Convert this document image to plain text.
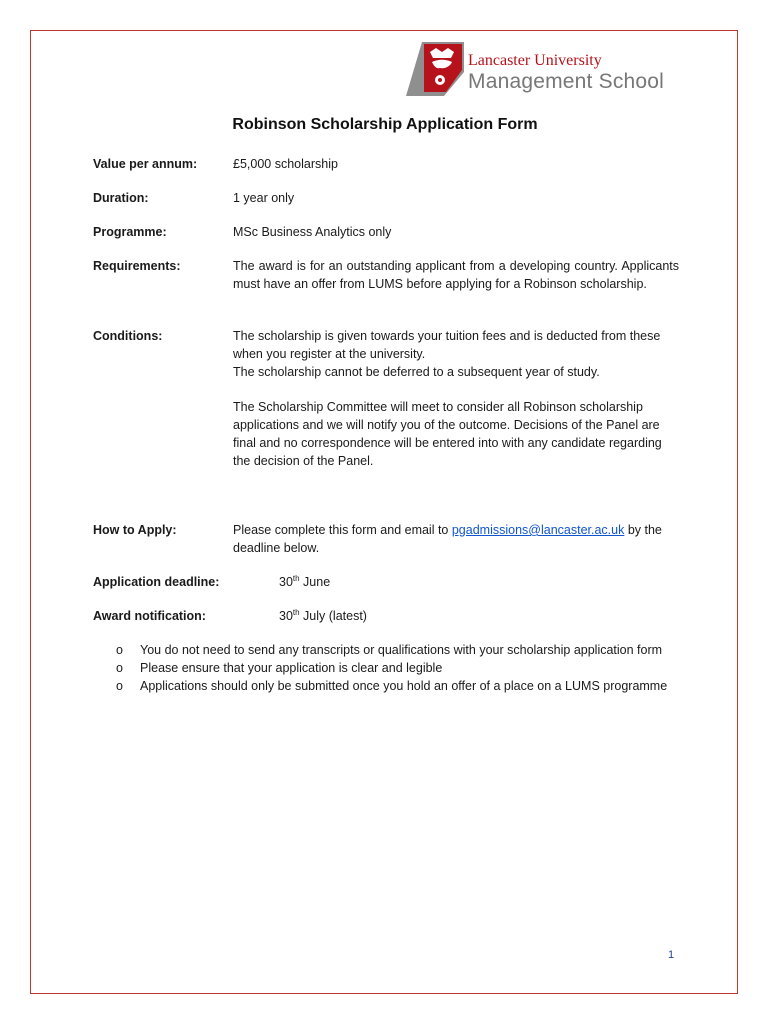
Lancaster University
Management School
Robinson Scholarship Application Form
Value per annum:	£5,000 scholarship
Duration:	1 year only
Programme:	MSc Business Analytics only
Requirements:	The award is for an outstanding applicant from a developing country. Applicants must have an offer from LUMS before applying for a Robinson scholarship.
Conditions:	The scholarship is given towards your tuition fees and is deducted from these when you register at the university.

The scholarship cannot be deferred to a subsequent year of study.

The Scholarship Committee will meet to consider all Robinson scholarship applications and we will notify you of the outcome. Decisions of the Panel are final and no correspondence will be entered into with any candidate regarding the decision of the Panel.

How to Apply:	Please complete this form and email to pgadmissions@lancaster.ac.uk by the deadline below.
Application deadline:	30th June
Award notification:	30th July (latest)
o You do not need to send any transcripts or qualifications with your scholarship application form
o Please ensure that your application is clear and legible
o Applications should only be submitted once you hold an offer of a place on a LUMS programme
1
